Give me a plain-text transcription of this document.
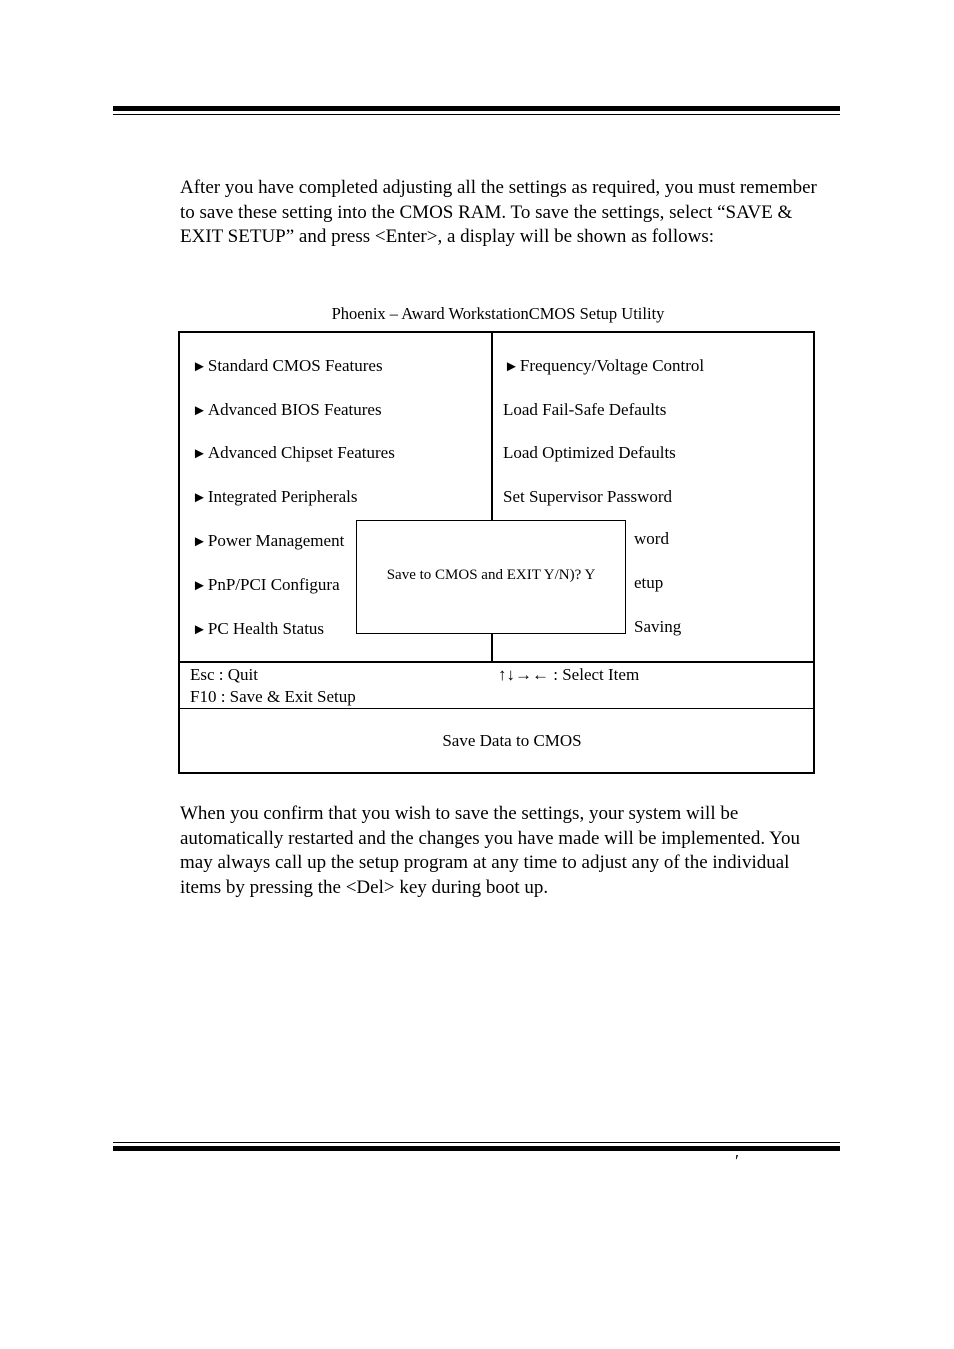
After you have completed adjusting all the settings as required, you must remember to save these setting into the CMOS RAM. To save the settings, select “SAVE & EXIT SETUP” and press <Enter>, a display will be shown as follows:

Phoenix – Award WorkstationCMOS Setup Utility
►Standard CMOS Features
►Advanced BIOS Features
►Advanced Chipset Features
►Integrated Peripherals
►Power Management
►PnP/PCI Configura
►PC Health Status
►Frequency/Voltage Control
Load Fail-Safe Defaults
Load Optimized Defaults
Set Supervisor Password
word
etup
Saving
Save to CMOS and EXIT Y/N)? Y
Esc : Quit
F10 : Save & Exit Setup
↑↓→← : Select Item
Save Data to CMOS

When you confirm that you wish to save the settings, your system will be automatically restarted and the changes you have made will be implemented. You may always call up the setup program at any time to adjust any of the individual items by pressing the <Del> key during boot up.

′
